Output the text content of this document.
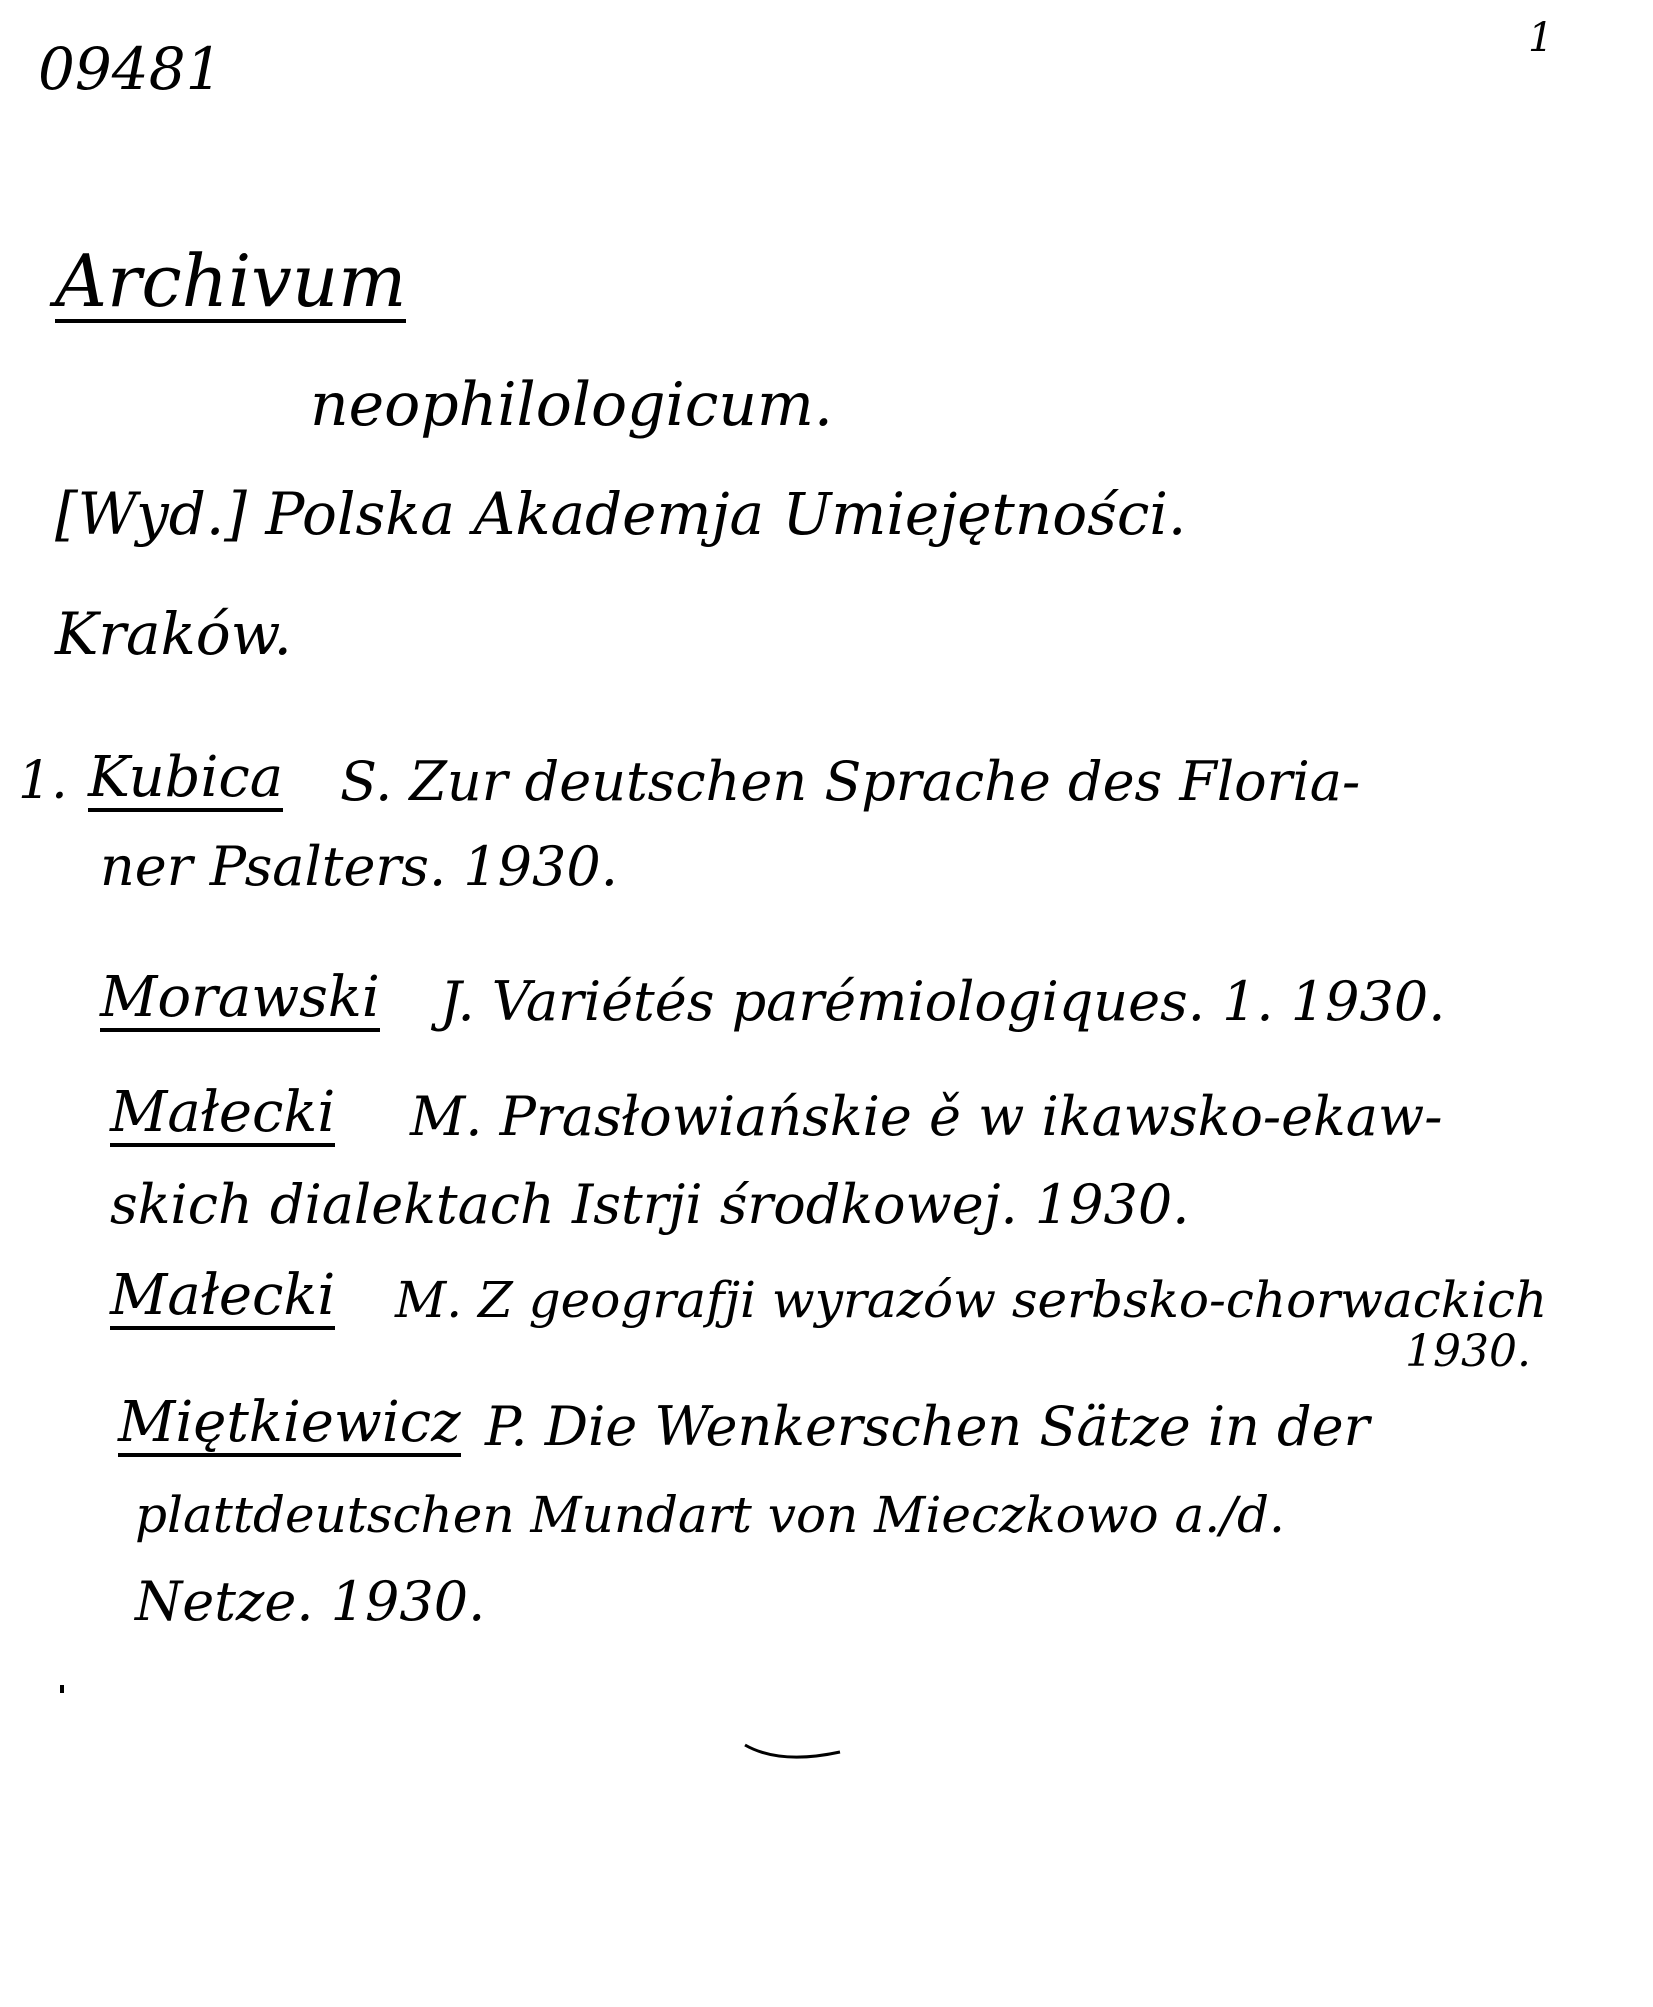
09481	1
Archivum
neophilologicum.
[Wyd.] Polska Akademja Umiejętności.
Kraków.
1. Kubica S. Zur deutschen Sprache des Floria-
ner Psalters. 1930.
Morawski J. Variétés parémiologiques. 1. 1930.
Małecki M. Prasłowiańskie ě w ikawsko-ekaw-
skich dialektach Istrji środkowej. 1930.
Małecki M. Z geografji wyrazów serbsko-chorwackich
1930.
Miętkiewicz P. Die Wenkerschen Sätze in der
plattdeutschen Mundart von Mieczkowo a./d.
Netze. 1930.
